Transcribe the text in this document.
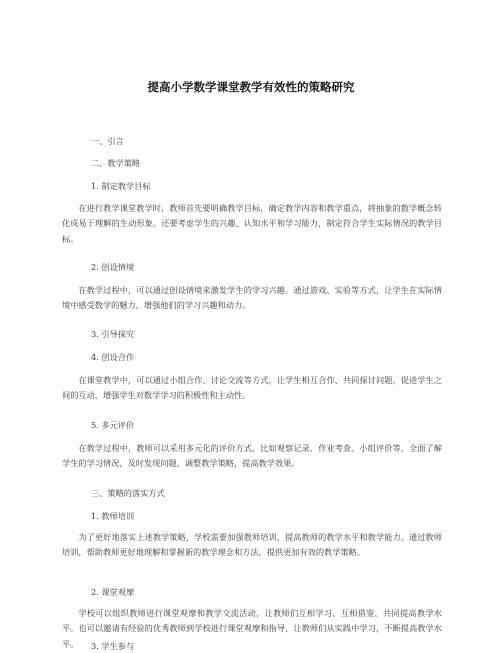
提高小学数学课堂教学有效性的策略研究
一、引言
二、教学策略
1. 制定教学目标
在进行教学课堂教学时，教师首先要明确教学目标，确定教学内容和教学重点，将抽象的数学概念转化成易于理解的生动形象。还要考虑学生的兴趣、认知水平和学习能力，制定符合学生实际情况的教学目标。
2. 创设情境
在教学过程中，可以通过创设情境来激发学生的学习兴趣。通过游戏、实验等方式，让学生在实际情境中感受数学的魅力，增强他们的学习兴趣和动力。
3. 引导探究
4. 创设合作
在课堂教学中，可以通过小组合作、讨论交流等方式，让学生相互合作、共同探讨问题，促进学生之间的互动，增强学生对数学学习的积极性和主动性。
5. 多元评价
在教学过程中，教师可以采用多元化的评价方式，比如观察记录、作业考查、小组评价等，全面了解学生的学习情况，及时发现问题，调整教学策略，提高教学效果。
三、策略的落实方式
1. 教师培训
为了更好地落实上述教学策略，学校需要加强教师培训，提高教师的教学水平和教学能力。通过教师培训，帮助教师更好地理解和掌握新的教学理念和方法，提供更加有效的教学策略。
2. 课堂观摩
学校可以组织教师进行课堂观摩和教学交流活动，让教师们互相学习、互相借鉴，共同提高教学水平。也可以邀请有经验的优秀教师到学校进行课堂观摩和指导，让教师们从实践中学习，不断提高教学水平。	3. 学生参与
